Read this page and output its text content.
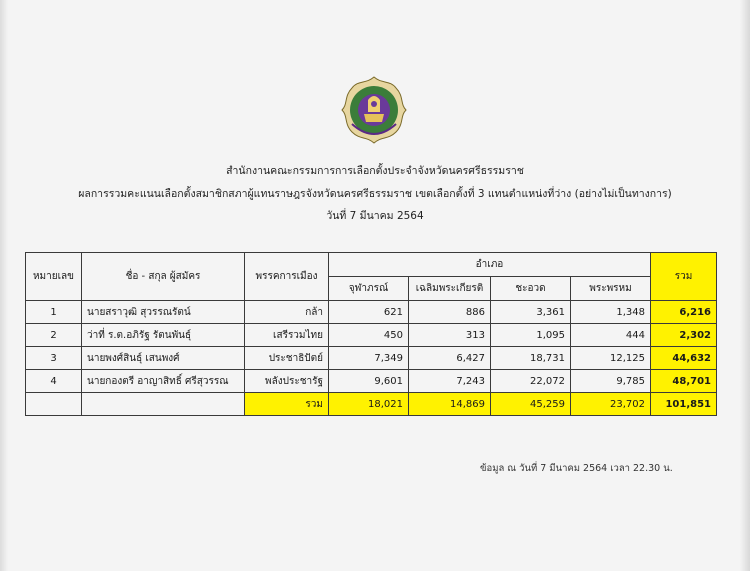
สำนักงานคณะกรรมการการเลือกตั้งประจำจังหวัดนครศรีธรรมราช
ผลการรวมคะแนนเลือกตั้งสมาชิกสภาผู้แทนราษฎรจังหวัดนครศรีธรรมราช เขตเลือกตั้งที่ 3 แทนตำแหน่งที่ว่าง (อย่างไม่เป็นทางการ)
วันที่ 7 มีนาคม 2564
หมายเลข	ชื่อ - สกุล ผู้สมัคร	พรรคการเมือง	อำเภอ				รวม
			จุฬาภรณ์	เฉลิมพระเกียรติ	ชะอวด	พระพรหม	
1	นายสราวุฒิ สุวรรณรัตน์	กล้า	621	886	3,361	1,348	6,216
2	ว่าที่ ร.ต.อภิรัฐ รัตนพันธุ์	เสรีรวมไทย	450	313	1,095	444	2,302
3	นายพงศ์สินธุ์ เสนพงศ์	ประชาธิปัตย์	7,349	6,427	18,731	12,125	44,632
4	นายกองตรี อาญาสิทธิ์ ศรีสุวรรณ	พลังประชารัฐ	9,601	7,243	22,072	9,785	48,701
		รวม	18,021	14,869	45,259	23,702	101,851
ข้อมูล ณ วันที่ 7 มีนาคม 2564 เวลา 22.30 น.
